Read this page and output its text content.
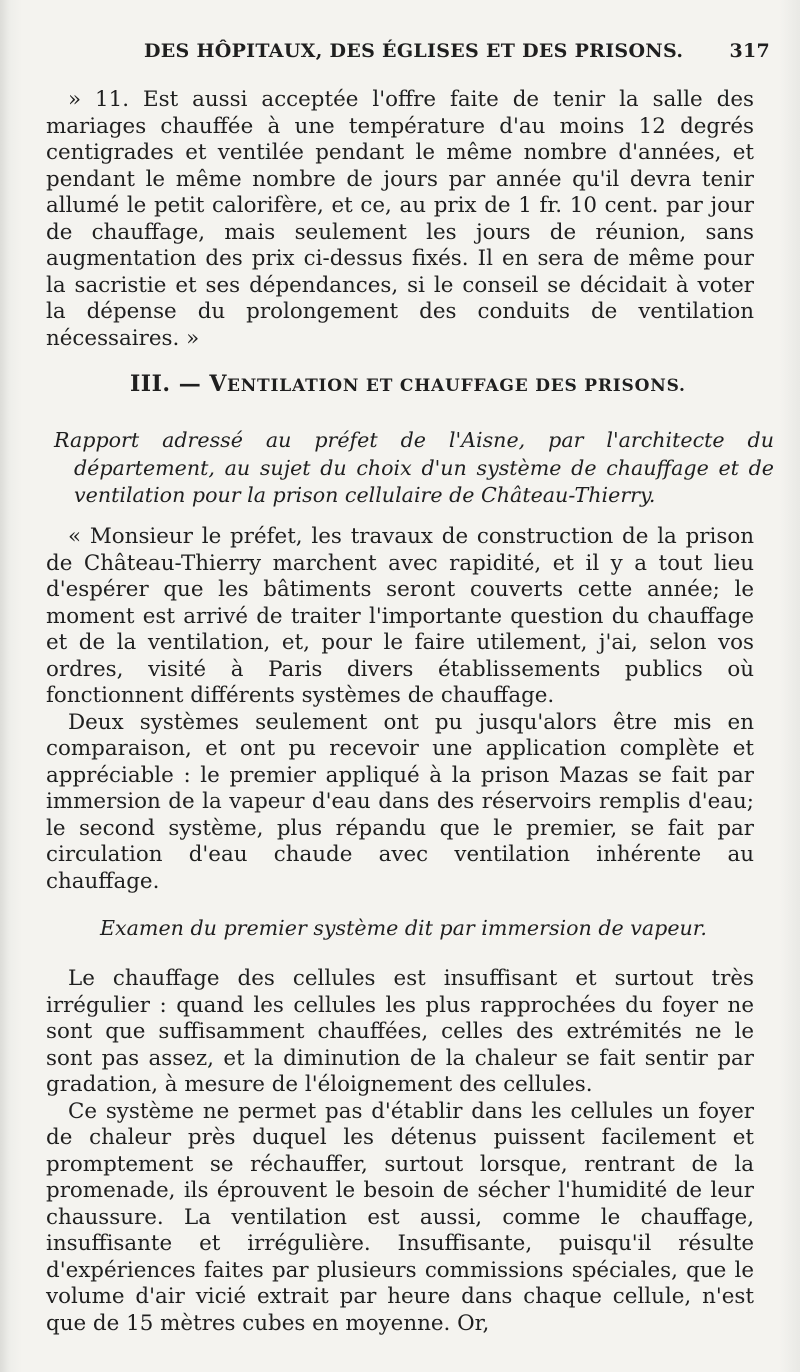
DES HÔPITAUX, DES ÉGLISES ET DES PRISONS. 317

» 11. Est aussi acceptée l'offre faite de tenir la salle des mariages chauffée à une température d'au moins 12 degrés centigrades et ventilée pendant le même nombre d'années, et pendant le même nombre de jours par année qu'il devra tenir allumé le petit calorifère, et ce, au prix de 1 fr. 10 cent. par jour de chauffage, mais seulement les jours de réunion, sans augmentation des prix ci-dessus fixés. Il en sera de même pour la sacristie et ses dépendances, si le conseil se décidait à voter la dépense du prolongement des conduits de ventilation nécessaires. »

III. — VENTILATION ET CHAUFFAGE DES PRISONS.
Rapport adressé au préfet de l'Aisne, par l'architecte du département, au sujet du choix d'un système de chauffage et de ventilation pour la prison cellulaire de Château-Thierry.

« Monsieur le préfet, les travaux de construction de la prison de Château-Thierry marchent avec rapidité, et il y a tout lieu d'espérer que les bâtiments seront couverts cette année; le moment est arrivé de traiter l'importante question du chauffage et de la ventilation, et, pour le faire utilement, j'ai, selon vos ordres, visité à Paris divers établissements publics où fonctionnent différents systèmes de chauffage.

Deux systèmes seulement ont pu jusqu'alors être mis en comparaison, et ont pu recevoir une application complète et appréciable : le premier appliqué à la prison Mazas se fait par immersion de la vapeur d'eau dans des réservoirs remplis d'eau; le second système, plus répandu que le premier, se fait par circulation d'eau chaude avec ventilation inhérente au chauffage.

Examen du premier système dit par immersion de vapeur.

Le chauffage des cellules est insuffisant et surtout très irrégulier : quand les cellules les plus rapprochées du foyer ne sont que suffisamment chauffées, celles des extrémités ne le sont pas assez, et la diminution de la chaleur se fait sentir par gradation, à mesure de l'éloignement des cellules.

Ce système ne permet pas d'établir dans les cellules un foyer de chaleur près duquel les détenus puissent facilement et promptement se réchauffer, surtout lorsque, rentrant de la promenade, ils éprouvent le besoin de sécher l'humidité de leur chaussure. La ventilation est aussi, comme le chauffage, insuffisante et irrégulière. Insuffisante, puisqu'il résulte d'expériences faites par plusieurs commissions spéciales, que le volume d'air vicié extrait par heure dans chaque cellule, n'est que de 15 mètres cubes en moyenne. Or,
